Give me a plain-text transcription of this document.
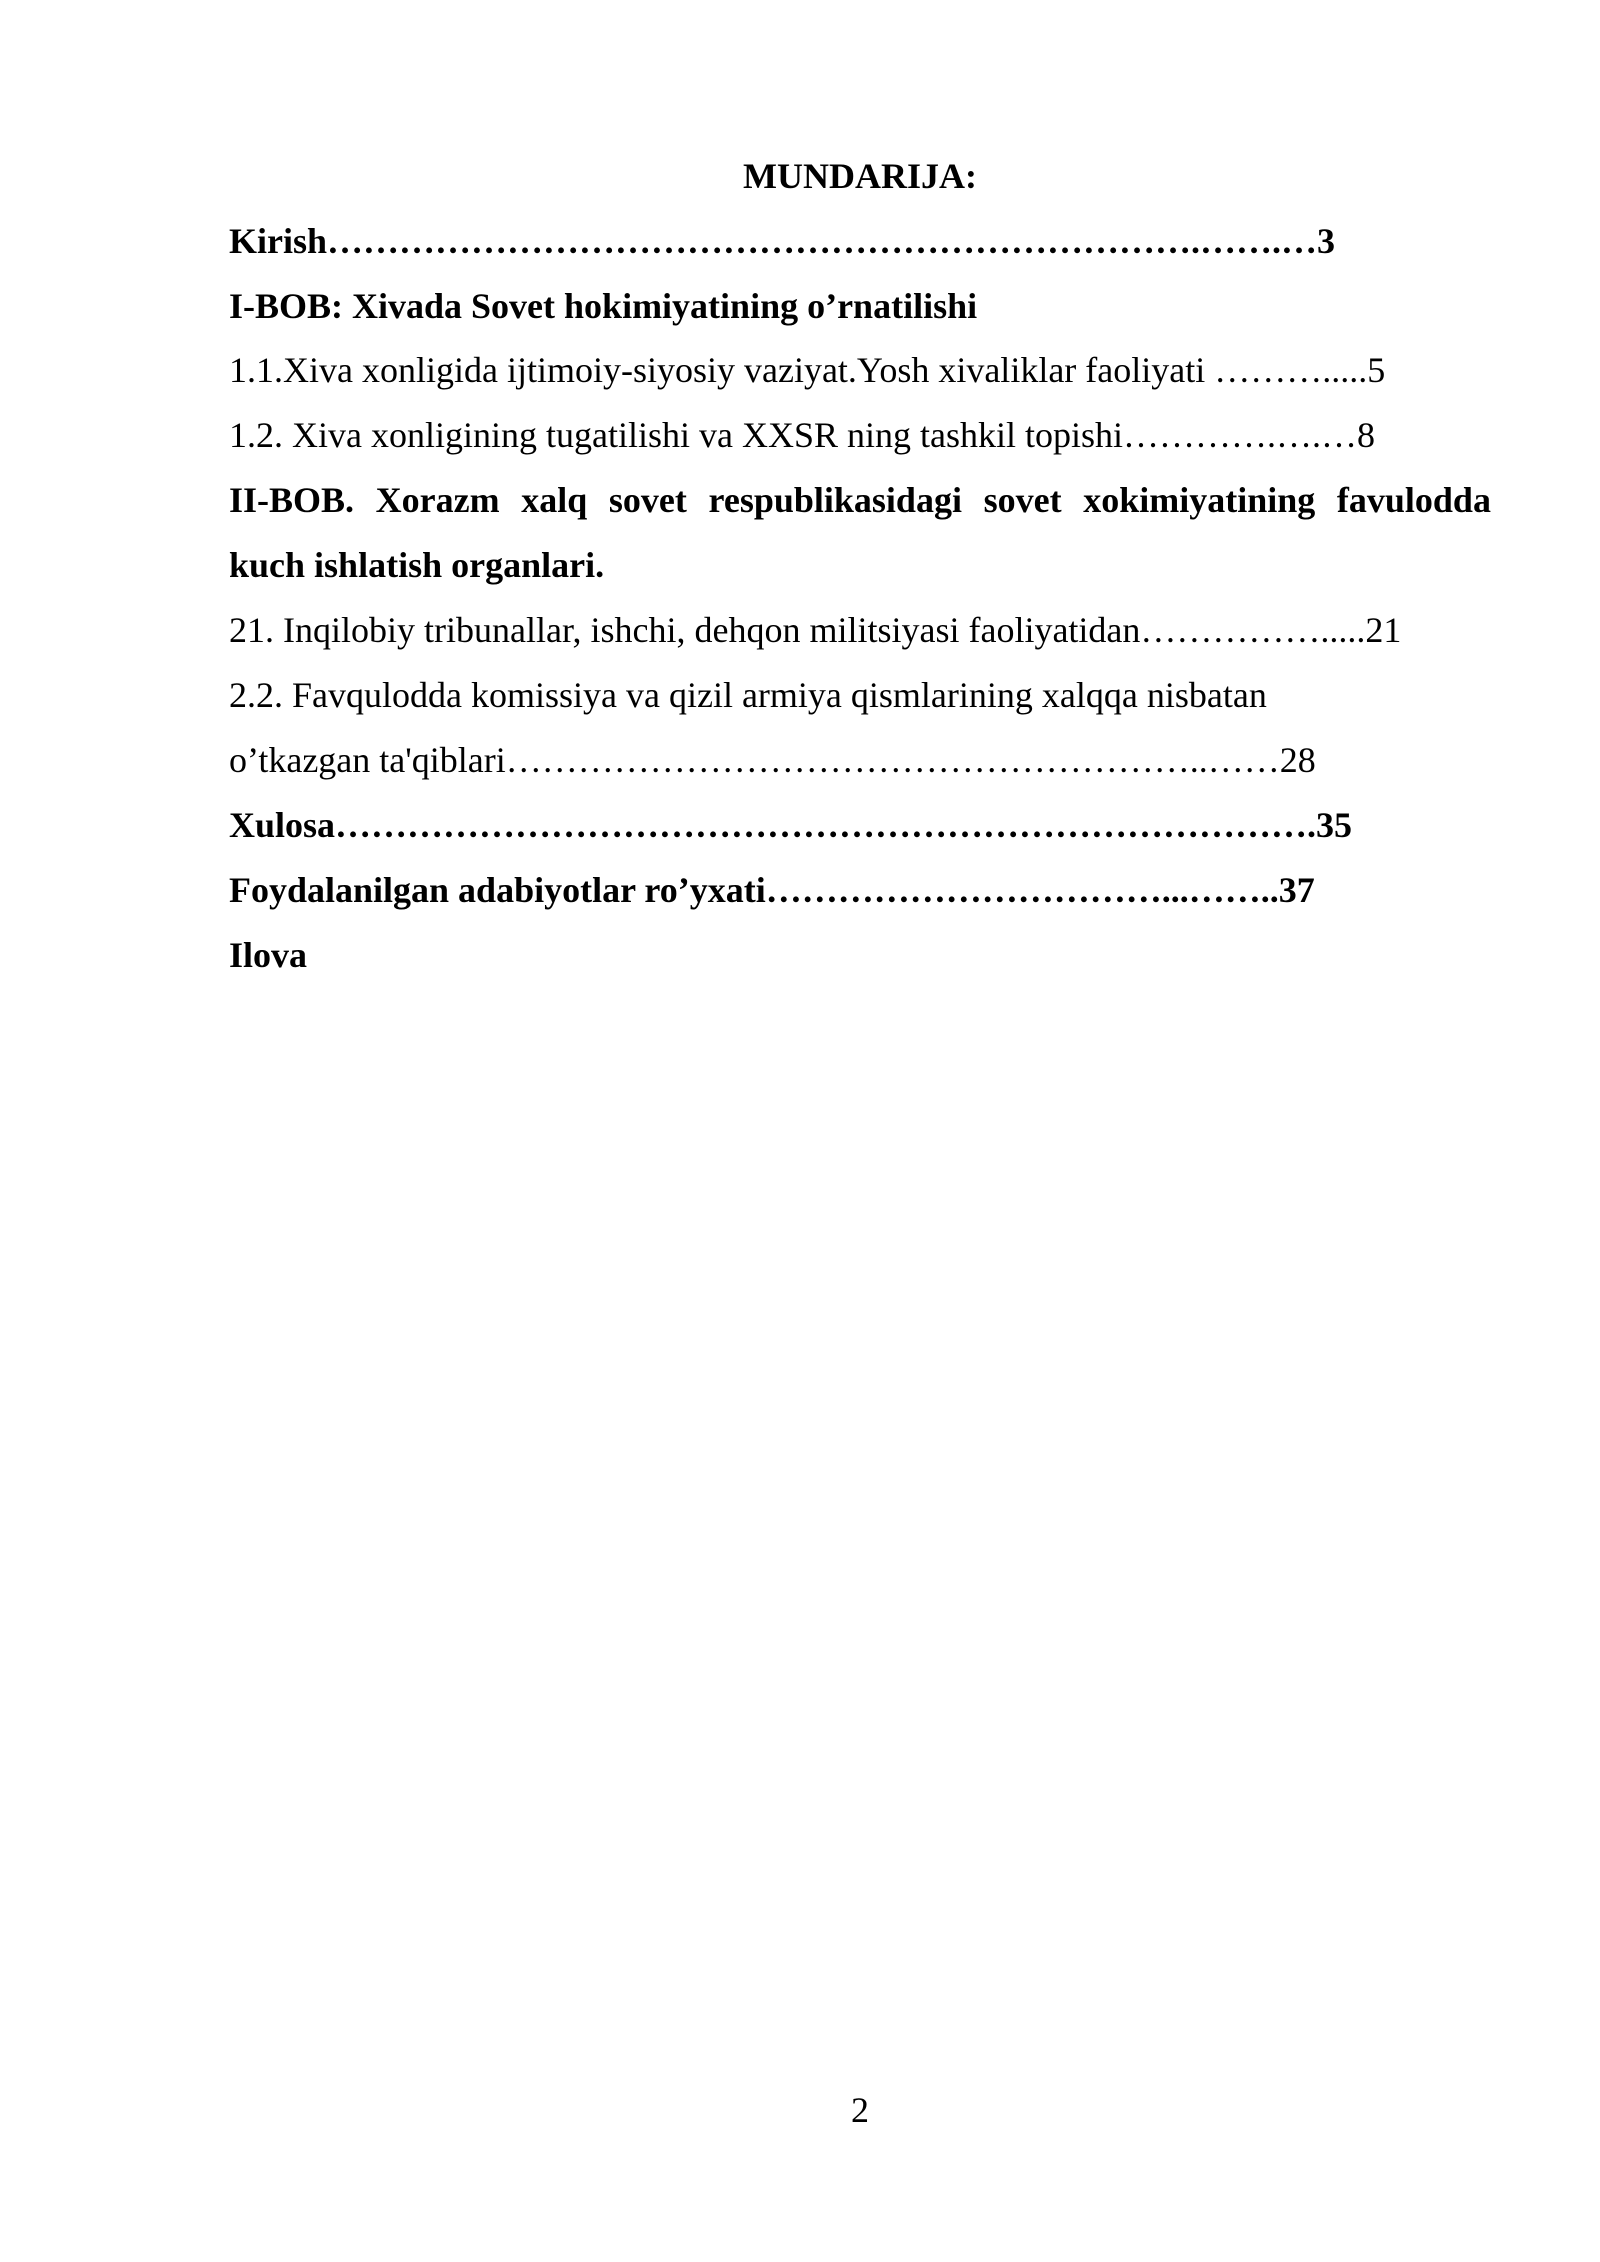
MUNDARIJA:
Kirish……………………………………………………………….…….…3
I-BOB: Xivada Sovet hokimiyatining o’rnatilishi
1.1.Xiva xonligida ijtimoiy-siyosiy vaziyat.Yosh xivaliklar faoliyati ……….....5
1.2. Xiva xonligining tugatilishi va XXSR ning tashkil topishi………….….…8
II-BOB. Xorazm xalq sovet respublikasidagi sovet xokimiyatining favulodda
kuch ishlatish organlari.
21. Inqilobiy tribunallar, ishchi, dehqon militsiyasi faoliyatidan…………….....21
2.2. Favqulodda komissiya va qizil armiya qismlarining xalqqa nisbatan
o’tkazgan ta'qiblari…………………………………………………..……28
Xulosa……………………………………………………………………….35
Foydalanilgan adabiyotlar ro’yxati……………………………...……..37
Ilova
2
